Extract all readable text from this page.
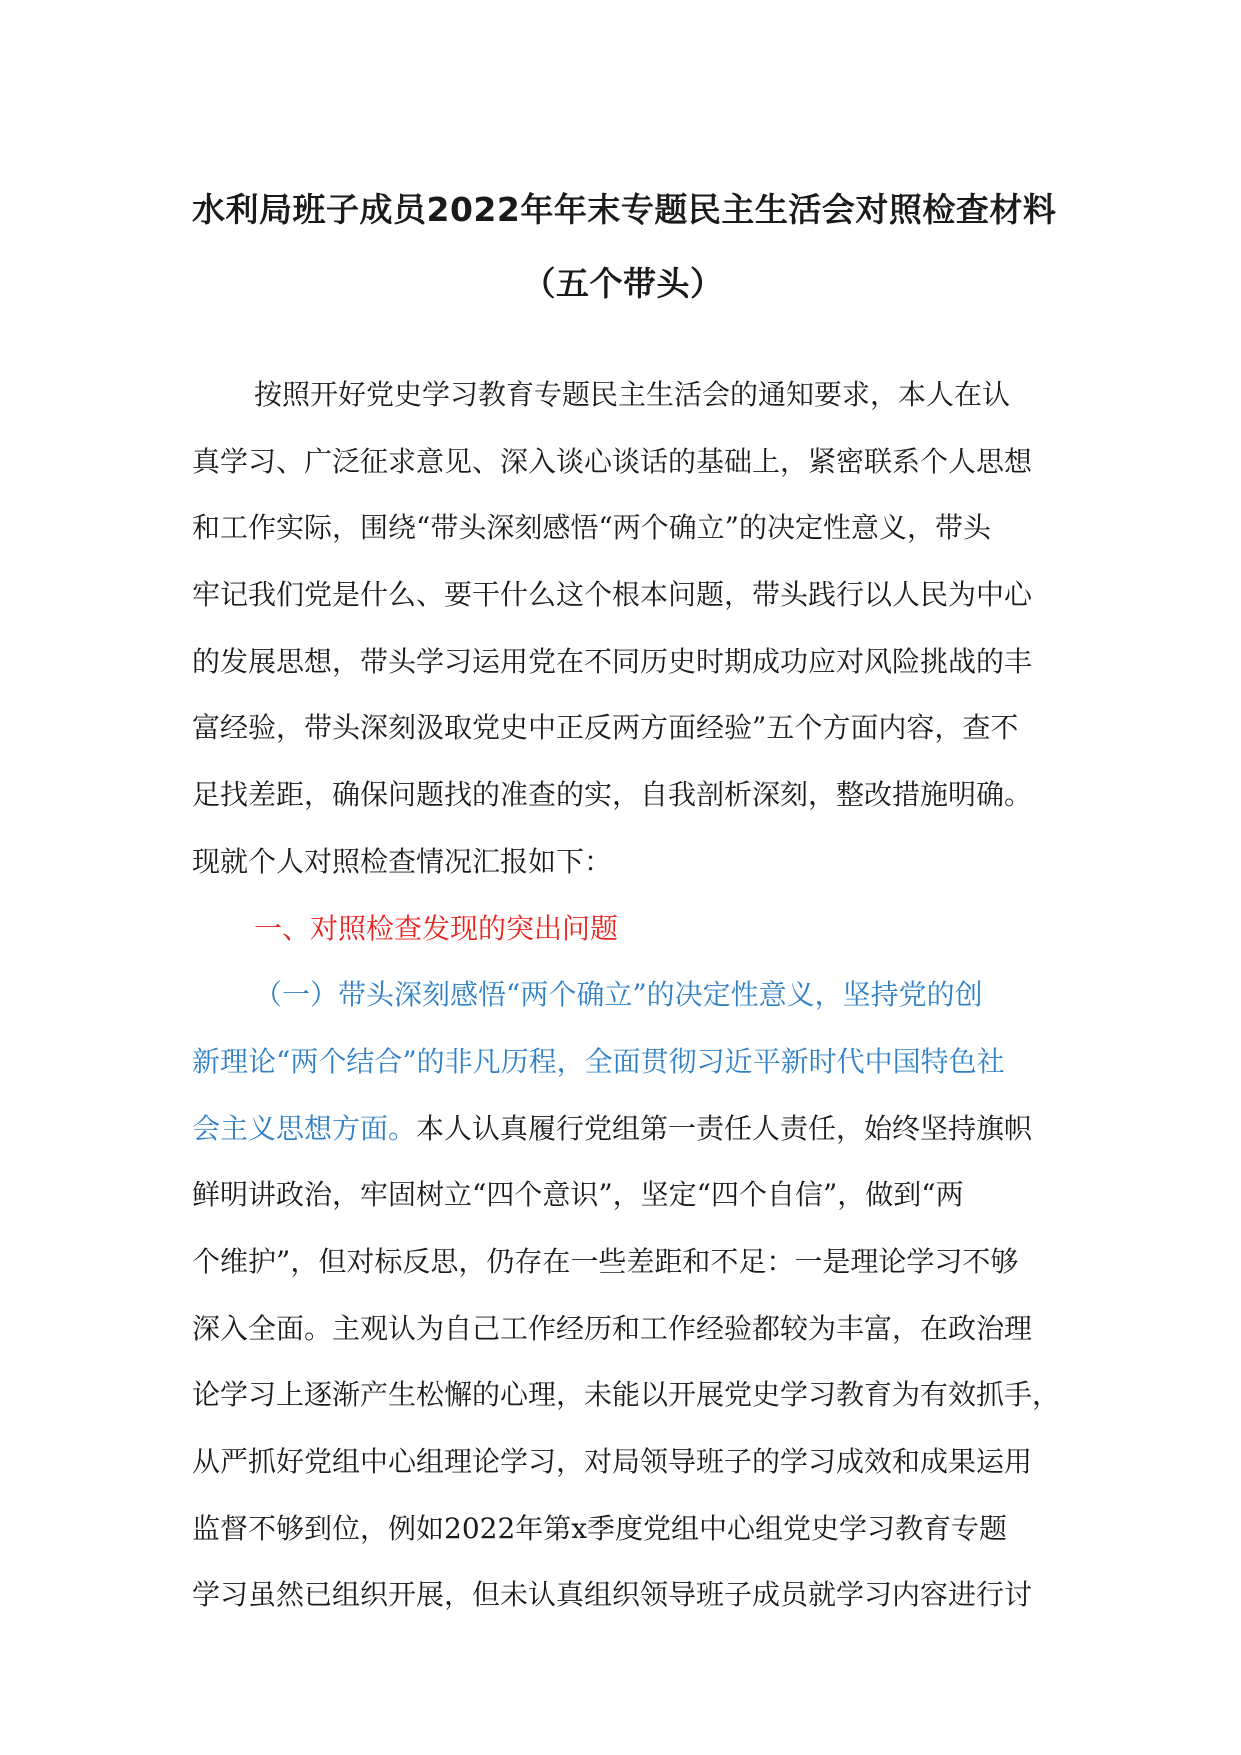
水利局班子成员2022年年末专题民主生活会对照检查材料
（五个带头）
按照开好党史学习教育专题民主生活会的通知要求，本人在认
真学习、广泛征求意见、深入谈心谈话的基础上，紧密联系个人思想
和工作实际，围绕“带头深刻感悟“两个确立”的决定性意义，带头
牢记我们党是什么、要干什么这个根本问题，带头践行以人民为中心
的发展思想，带头学习运用党在不同历史时期成功应对风险挑战的丰
富经验，带头深刻汲取党史中正反两方面经验”五个方面内容，查不
足找差距，确保问题找的准查的实，自我剖析深刻，整改措施明确。
现就个人对照检查情况汇报如下：
一、对照检查发现的突出问题
（一）带头深刻感悟“两个确立”的决定性意义，坚持党的创
新理论“两个结合”的非凡历程，全面贯彻习近平新时代中国特色社
会主义思想方面。本人认真履行党组第一责任人责任，始终坚持旗帜
鲜明讲政治，牢固树立“四个意识”，坚定“四个自信”，做到“两
个维护”，但对标反思，仍存在一些差距和不足：一是理论学习不够
深入全面。主观认为自己工作经历和工作经验都较为丰富，在政治理
论学习上逐渐产生松懈的心理，未能以开展党史学习教育为有效抓手，
从严抓好党组中心组理论学习，对局领导班子的学习成效和成果运用
监督不够到位，例如2022年第x季度党组中心组党史学习教育专题
学习虽然已组织开展，但未认真组织领导班子成员就学习内容进行讨
